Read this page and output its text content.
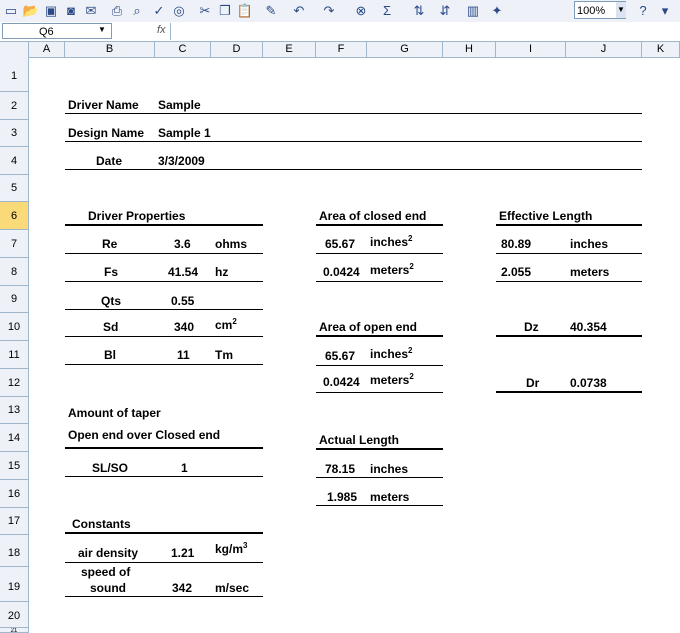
▭ 📂 ▣ ◙ ✉ ⎙ ⌕ ✓ ◎ ✂ ❐ 📋 ✎ ↶ ↷ ⊗	Σ	⇅ ⇵ ▥ ✦	100%	▼	?	▾
Q6	▼	fx
A	B	C	D	E	F	G	H	I	J	K
1
2
3
4
5
6
7
8
9
10
11
12
13
14
15
16
17
18
19
20
21
Driver Name Sample
Design Name Sample 1
Date	3/3/2009
Driver Properties
Re	3.6 ohms
Fs	41.54 hz
Qts	0.55
Sd	340 $cm^2$
Bl	11 Tm
Amount of taper
Open end over Closed end
SL/SO	1
Constants
air density	1.21 $kg/m^3$
speed of
sound	342 m/sec
Area of closed end
65.67 inches$^2$
0.0424 meters$^2$
Area of open end
65.67 inches$^2$
0.0424 meters$^2$
Actual Length
78.15 inches
1.985 meters
Effective Length
80.89	inches
2.055	meters
Dz	40.354
Dr	0.0738
